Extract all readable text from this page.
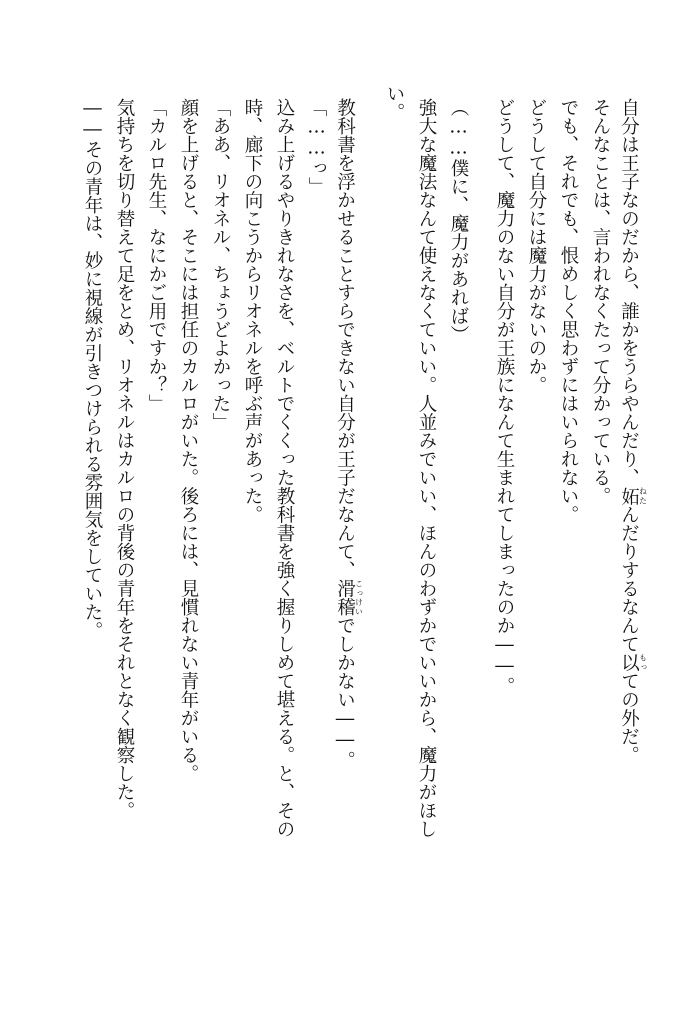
自分は王子なのだから、誰かをうらやんだり、妬 ねたんだりするなんて以 もっての外だ。
そんなことは、言われなくたって分かっている。
でも、それでも、恨めしく思わずにはいられない。
どうして自分には魔力がないのか。
どうして、魔力のない自分が王族になんて生まれてしまったのか――。
（……僕に、魔力があれば）
強大な魔法なんて使えなくていい。人並みでいい、ほんのわずかでいいから、魔力がほし
い。
教科書を浮かせることすらできない自分が王子だなんて、滑稽 こっけいでしかない――。
「……っ」
込み上げるやりきれなさを、ベルトでくくった教科書を強く握りしめて堪える。と、その
時、廊下の向こうからリオネルを呼ぶ声があった。
「ああ、リオネル、ちょうどよかった」
顔を上げると、そこには担任のカルロがいた。後ろには、見慣れない青年がいる。
「カルロ先生、なにかご用ですか？」
気持ちを切り替えて足をとめ、リオネルはカルロの背後の青年をそれとなく観察した。
――その青年は、妙に視線が引きつけられる雰囲気をしていた。
